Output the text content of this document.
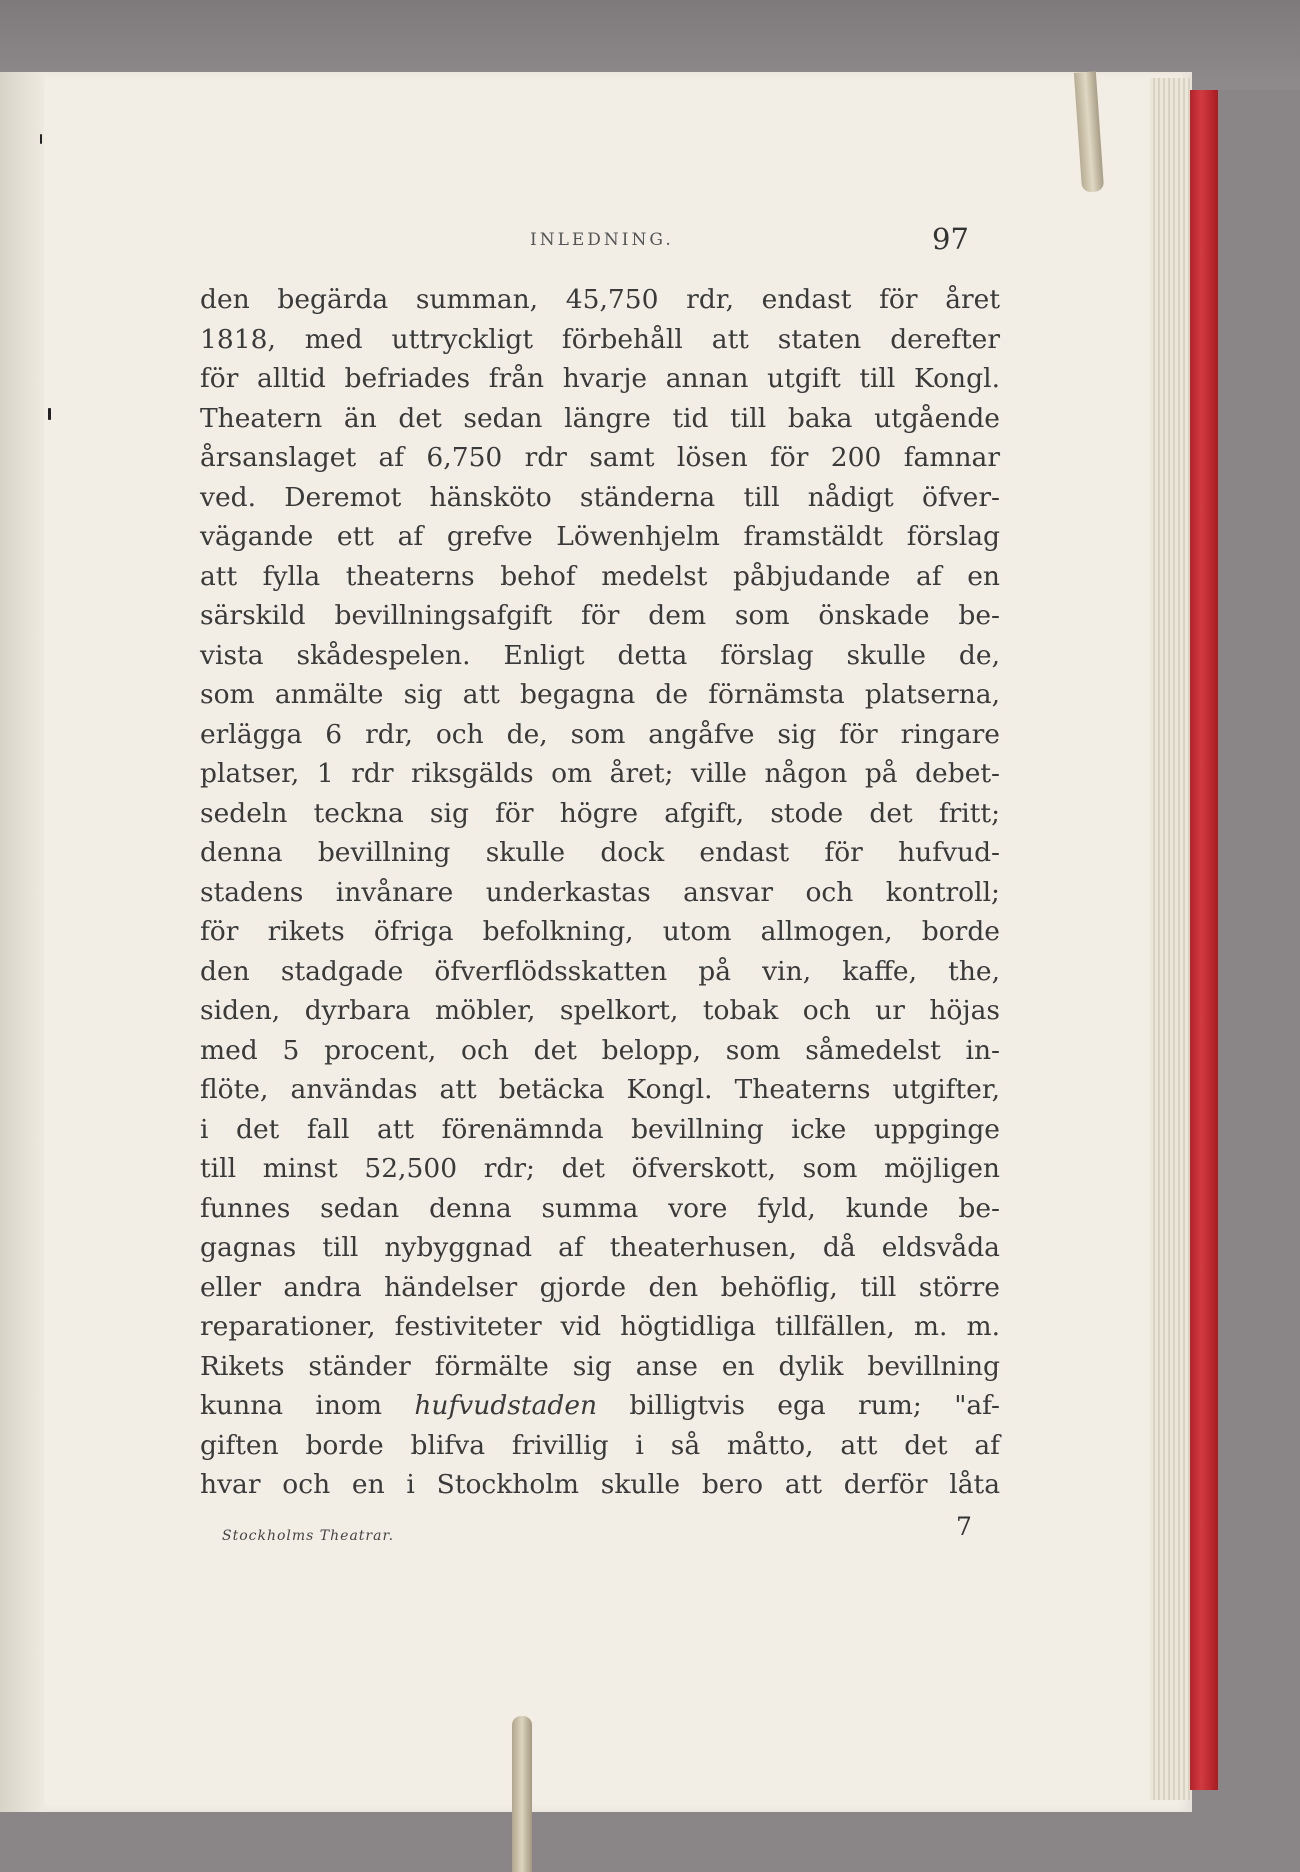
INLEDNING.	97
den begärda summan, 45,750 rdr, endast för året
1818, med uttryckligt förbehåll att staten derefter
för alltid befriades från hvarje annan utgift till Kongl.
Theatern än det sedan längre tid till baka utgående
årsanslaget af 6,750 rdr samt lösen för 200 famnar
ved. Deremot hänsköto ständerna till nådigt öfver-
vägande ett af grefve Löwenhjelm framstäldt förslag
att fylla theaterns behof medelst påbjudande af en
särskild bevillningsafgift för dem som önskade be-
vista skådespelen. Enligt detta förslag skulle de,
som anmälte sig att begagna de förnämsta platserna,
erlägga 6 rdr, och de, som angåfve sig för ringare
platser, 1 rdr riksgälds om året; ville någon på debet-
sedeln teckna sig för högre afgift, stode det fritt;
denna bevillning skulle dock endast för hufvud-
stadens invånare underkastas ansvar och kontroll;
för rikets öfriga befolkning, utom allmogen, borde
den stadgade öfverflödsskatten på vin, kaffe, the,
siden, dyrbara möbler, spelkort, tobak och ur höjas
med 5 procent, och det belopp, som såmedelst in-
flöte, användas att betäcka Kongl. Theaterns utgifter,
i det fall att förenämnda bevillning icke uppginge
till minst 52,500 rdr; det öfverskott, som möjligen
funnes sedan denna summa vore fyld, kunde be-
gagnas till nybyggnad af theaterhusen, då eldsvåda
eller andra händelser gjorde den behöflig, till större
reparationer, festiviteter vid högtidliga tillfällen, m. m.
Rikets ständer förmälte sig anse en dylik bevillning
kunna inom hufvudstaden billigtvis ega rum; "af-
giften borde blifva frivillig i så måtto, att det af
hvar och en i Stockholm skulle bero att derför låta
Stockholms Theatrar.	7
